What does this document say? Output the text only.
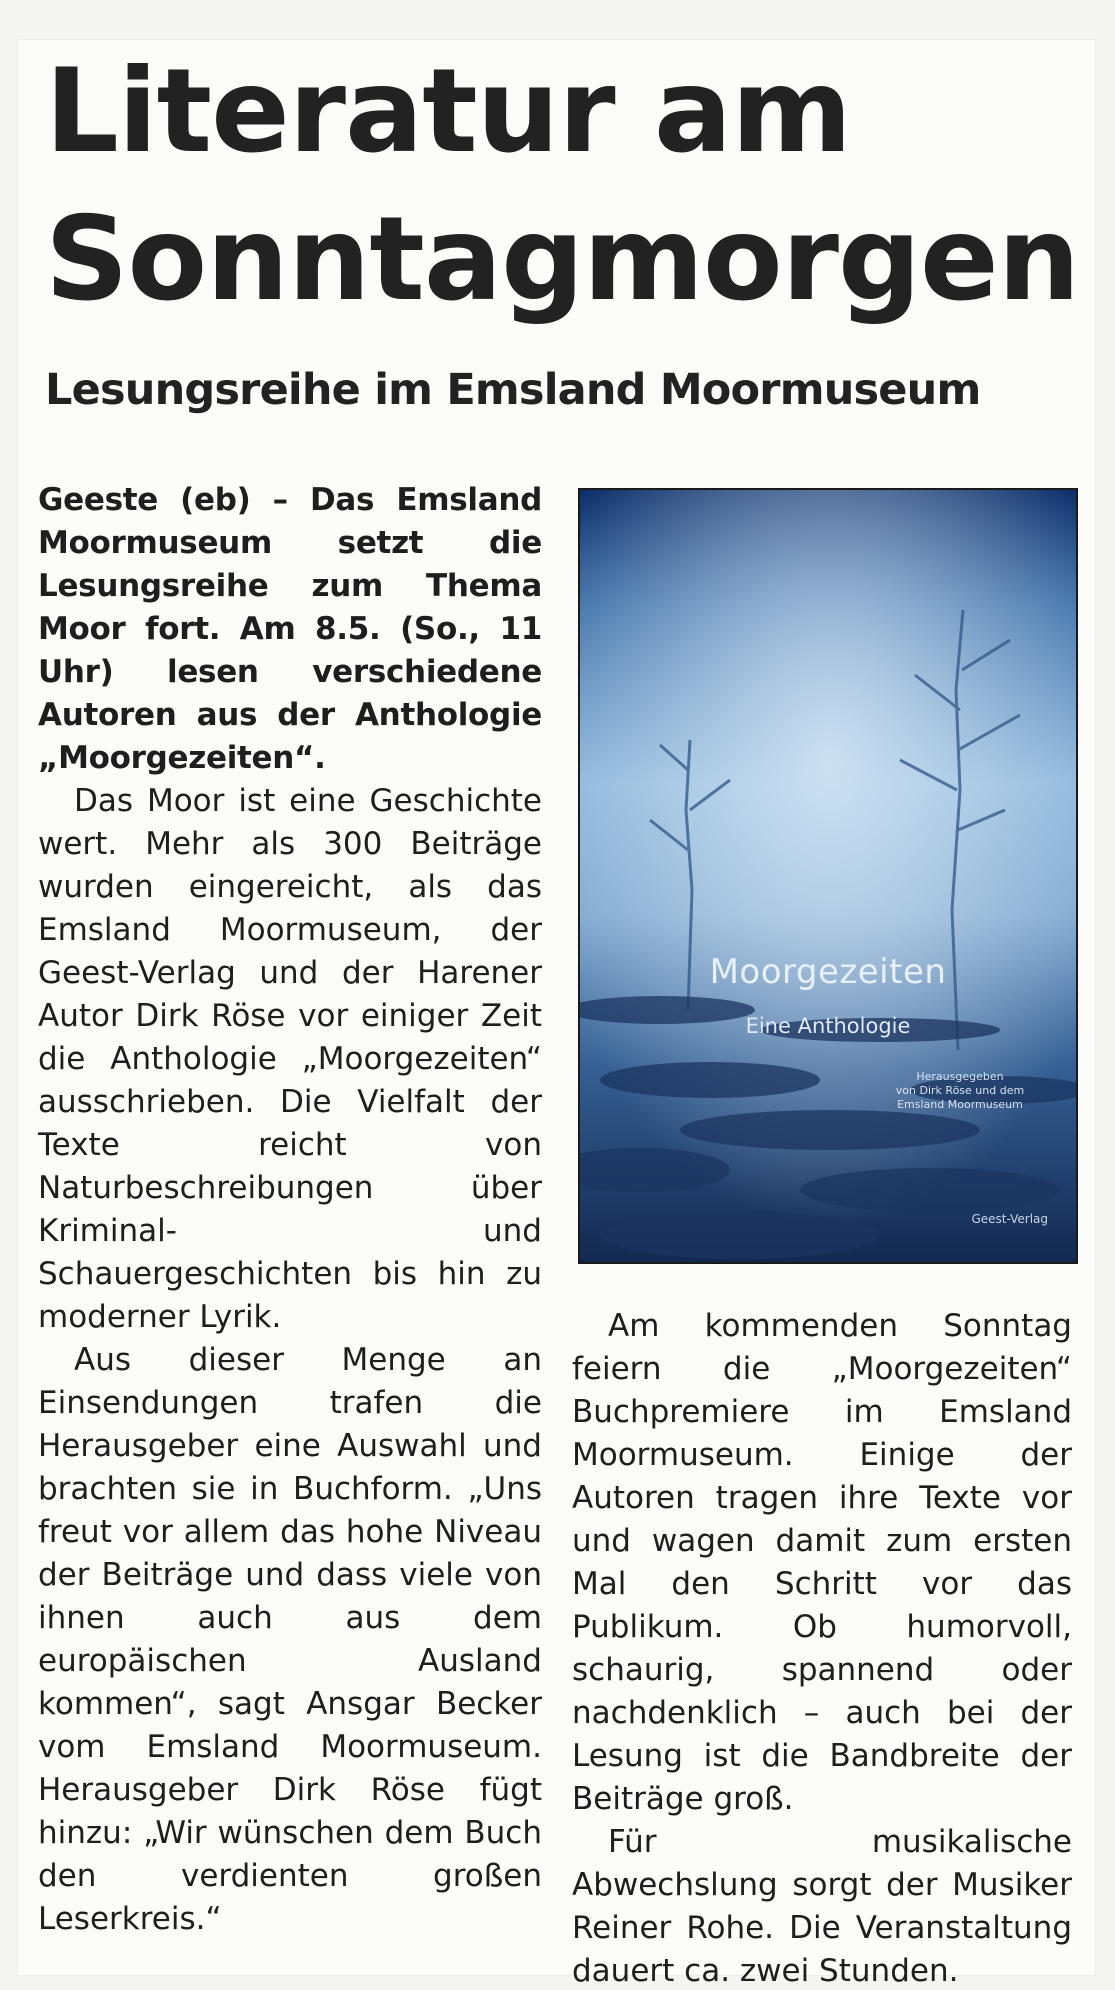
Literatur am
Sonntagmorgen
Lesungsreihe im Emsland Moormuseum

Geeste (eb) – Das Emsland Moormuseum setzt die Lesungsreihe zum Thema Moor fort. Am 8.5. (So., 11 Uhr) lesen verschiedene Autoren aus der Anthologie „Moorgezeiten“.

Das Moor ist eine Geschichte wert. Mehr als 300 Beiträge wurden eingereicht, als das Emsland Moormuseum, der Geest-Verlag und der Harener Autor Dirk Röse vor einiger Zeit die Anthologie „Moorgezeiten“ ausschrieben. Die Vielfalt der Texte reicht von Naturbeschreibungen über Kriminal- und Schauergeschichten bis hin zu moderner Lyrik.

Aus dieser Menge an Einsendungen trafen die Herausgeber eine Auswahl und brachten sie in Buchform. „Uns freut vor allem das hohe Niveau der Beiträge und dass viele von ihnen auch aus dem europäischen Ausland kommen“, sagt Ansgar Becker vom Emsland Moormuseum. Herausgeber Dirk Röse fügt hinzu: „Wir wünschen dem Buch den verdienten großen Leserkreis.“

Moorgezeiten
Eine Anthologie
Herausgegeben
von Dirk Röse und dem
Emsland Moormuseum
Geest-Verlag

Am kommenden Sonntag feiern die „Moorgezeiten“ Buchpremiere im Emsland Moormuseum. Einige der Autoren tragen ihre Texte vor und wagen damit zum ersten Mal den Schritt vor das Publikum. Ob humorvoll, schaurig, spannend oder nachdenklich – auch bei der Lesung ist die Bandbreite der Beiträge groß.

Für musikalische Abwechslung sorgt der Musiker Reiner Rohe. Die Veranstaltung dauert ca. zwei Stunden.
